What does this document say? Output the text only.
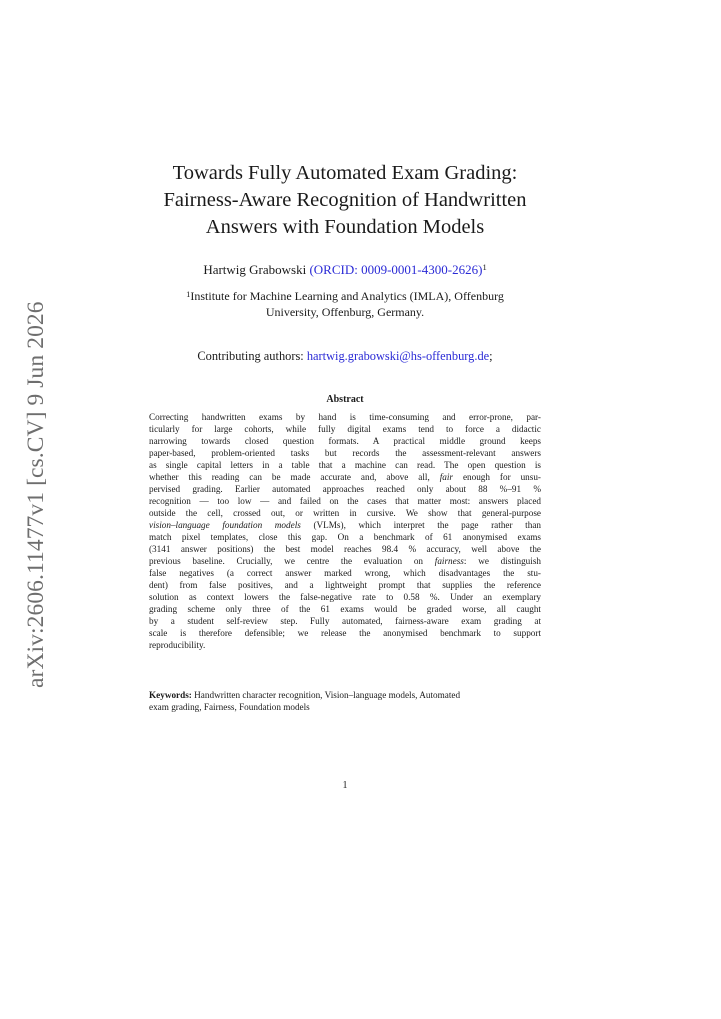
arXiv:2606.11477v1 [cs.CV] 9 Jun 2026
Towards Fully Automated Exam Grading:
Fairness-Aware Recognition of Handwritten
Answers with Foundation Models
Hartwig Grabowski (ORCID: 0009-0001-4300-2626)$^1$
$^1$Institute for Machine Learning and Analytics (IMLA), Offenburg
University, Offenburg, Germany.
Contributing authors: hartwig.grabowski@hs-offenburg.de;
Abstract
Correcting handwritten exams by hand is time-consuming and error-prone, par-
ticularly for large cohorts, while fully digital exams tend to force a didactic
narrowing towards closed question formats. A practical middle ground keeps
paper-based, problem-oriented tasks but records the assessment-relevant answers
as single capital letters in a table that a machine can read. The open question is
whether this reading can be made accurate and, above all, fair enough for unsu-
pervised grading. Earlier automated approaches reached only about 88 %–91 %
recognition — too low — and failed on the cases that matter most: answers placed
outside the cell, crossed out, or written in cursive. We show that general-purpose
vision–language foundation models (VLMs), which interpret the page rather than
match pixel templates, close this gap. On a benchmark of 61 anonymised exams
(3141 answer positions) the best model reaches 98.4 % accuracy, well above the
previous baseline. Crucially, we centre the evaluation on fairness: we distinguish
false negatives (a correct answer marked wrong, which disadvantages the stu-
dent) from false positives, and a lightweight prompt that supplies the reference
solution as context lowers the false-negative rate to 0.58 %. Under an exemplary
grading scheme only three of the 61 exams would be graded worse, all caught
by a student self-review step. Fully automated, fairness-aware exam grading at
scale is therefore defensible; we release the anonymised benchmark to support
reproducibility.
Keywords: Handwritten character recognition, Vision–language models, Automated
exam grading, Fairness, Foundation models
1
